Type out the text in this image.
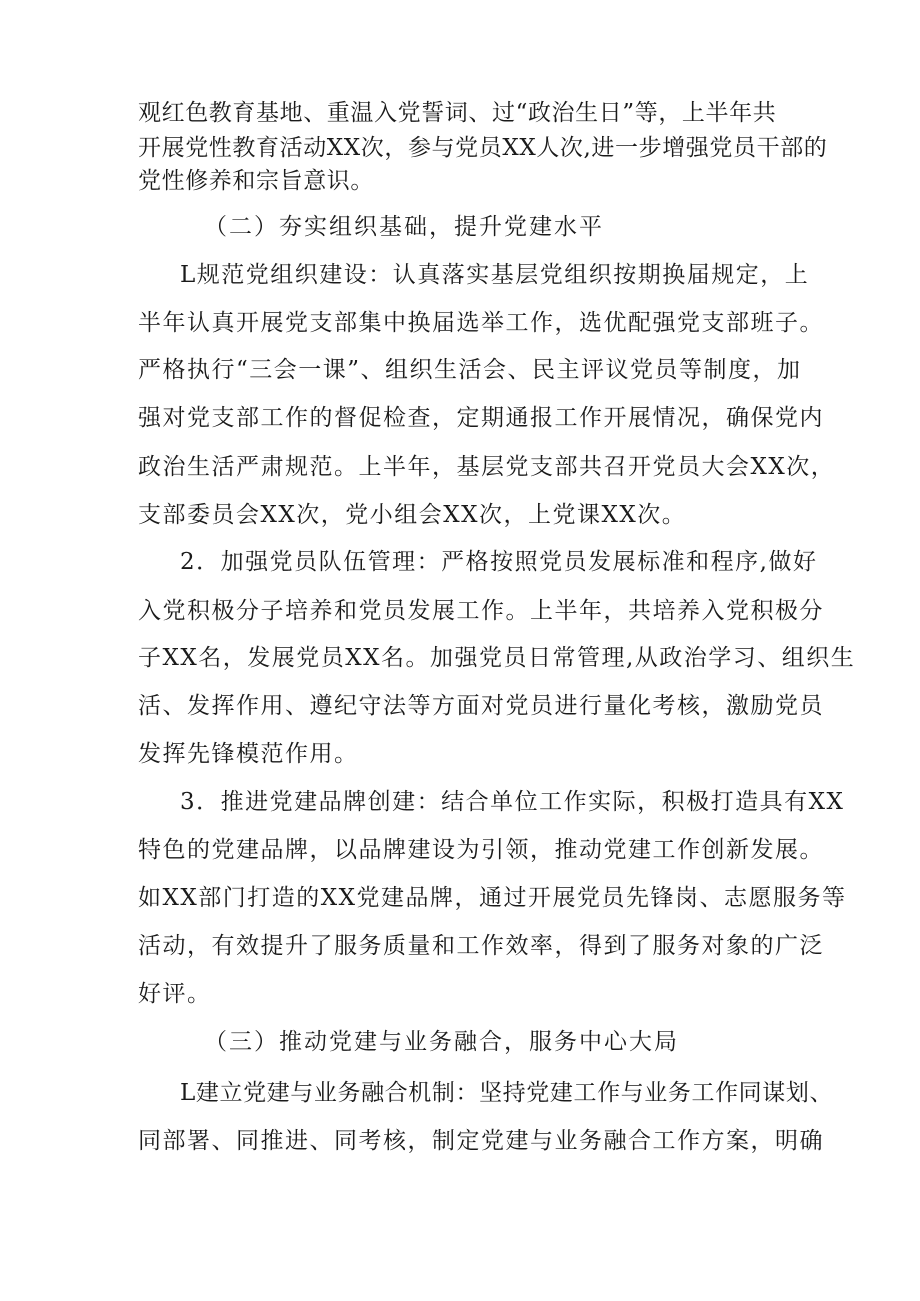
观红色教育基地、重温入党誓词、过“政治生日”等，上半年共
开展党性教育活动XX次，参与党员XX人次,进一步增强党员干部的
党性修养和宗旨意识。
（二）夯实组织基础，提升党建水平
L规范党组织建设：认真落实基层党组织按期换届规定，上
半年认真开展党支部集中换届选举工作，选优配强党支部班子。
严格执行“三会一课”、组织生活会、民主评议党员等制度，加
强对党支部工作的督促检查，定期通报工作开展情况，确保党内
政治生活严肃规范。上半年，基层党支部共召开党员大会XX次，
支部委员会XX次，党小组会XX次，上党课XX次。
2．加强党员队伍管理：严格按照党员发展标准和程序,做好
入党积极分子培养和党员发展工作。上半年，共培养入党积极分
子XX名，发展党员XX名。加强党员日常管理,从政治学习、组织生
活、发挥作用、遵纪守法等方面对党员进行量化考核，激励党员
发挥先锋模范作用。
3．推进党建品牌创建：结合单位工作实际，积极打造具有XX
特色的党建品牌，以品牌建设为引领，推动党建工作创新发展。
如XX部门打造的XX党建品牌，通过开展党员先锋岗、志愿服务等
活动，有效提升了服务质量和工作效率，得到了服务对象的广泛
好评。
（三）推动党建与业务融合，服务中心大局
L建立党建与业务融合机制：坚持党建工作与业务工作同谋划、
同部署、同推进、同考核，制定党建与业务融合工作方案，明确
